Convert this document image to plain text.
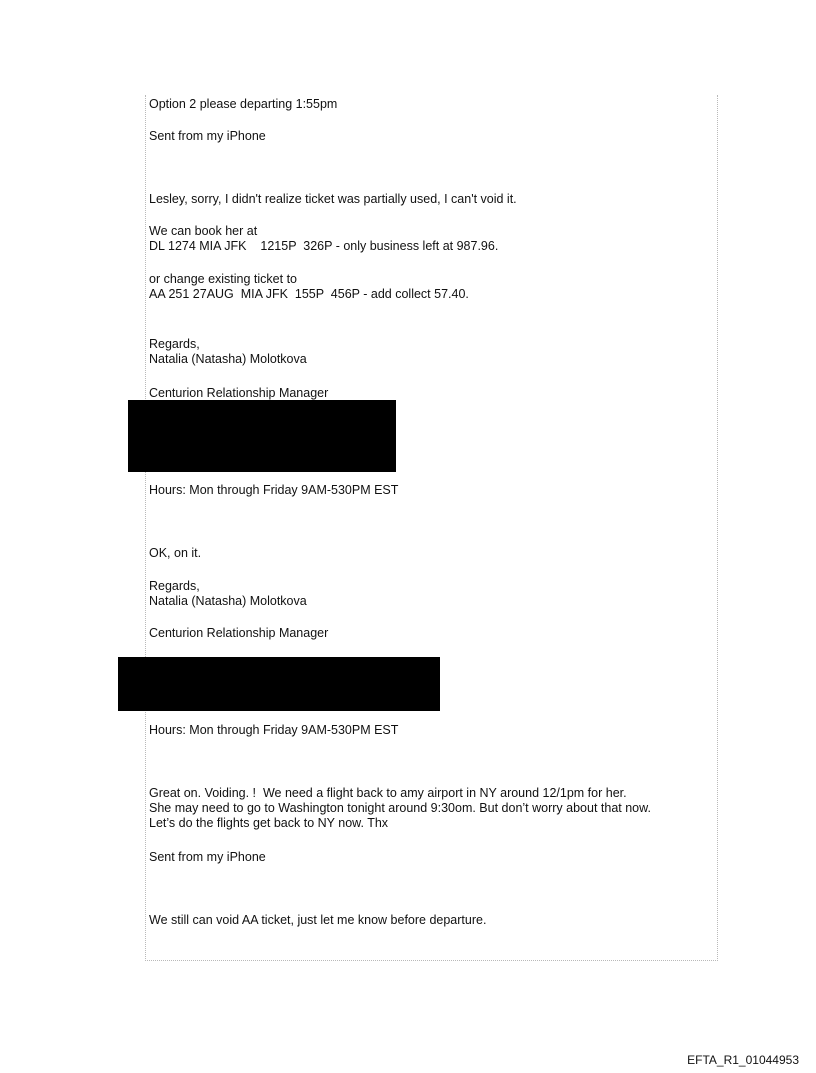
Option 2 please departing 1:55pm

Sent from my iPhone

Lesley, sorry, I didn't realize ticket was partially used, I can't void it.

We can book her at

DL 1274 MIA JFK    1215P  326P - only business left at 987.96.

or change existing ticket to

AA 251 27AUG  MIA JFK  155P  456P - add collect 57.40.

Regards,

Natalia (Natasha) Molotkova

Centurion Relationship Manager

Hours: Mon through Friday 9AM-530PM EST

OK, on it.

Regards,

Natalia (Natasha) Molotkova

Centurion Relationship Manager

Hours: Mon through Friday 9AM-530PM EST

Great on. Voiding. !  We need a flight back to amy airport in NY around 12/1pm for her.

She may need to go to Washington tonight around 9:30om. But don’t worry about that now.

Let’s do the flights get back to NY now. Thx

Sent from my iPhone

We still can void AA ticket, just let me know before departure.

EFTA_R1_01044953
